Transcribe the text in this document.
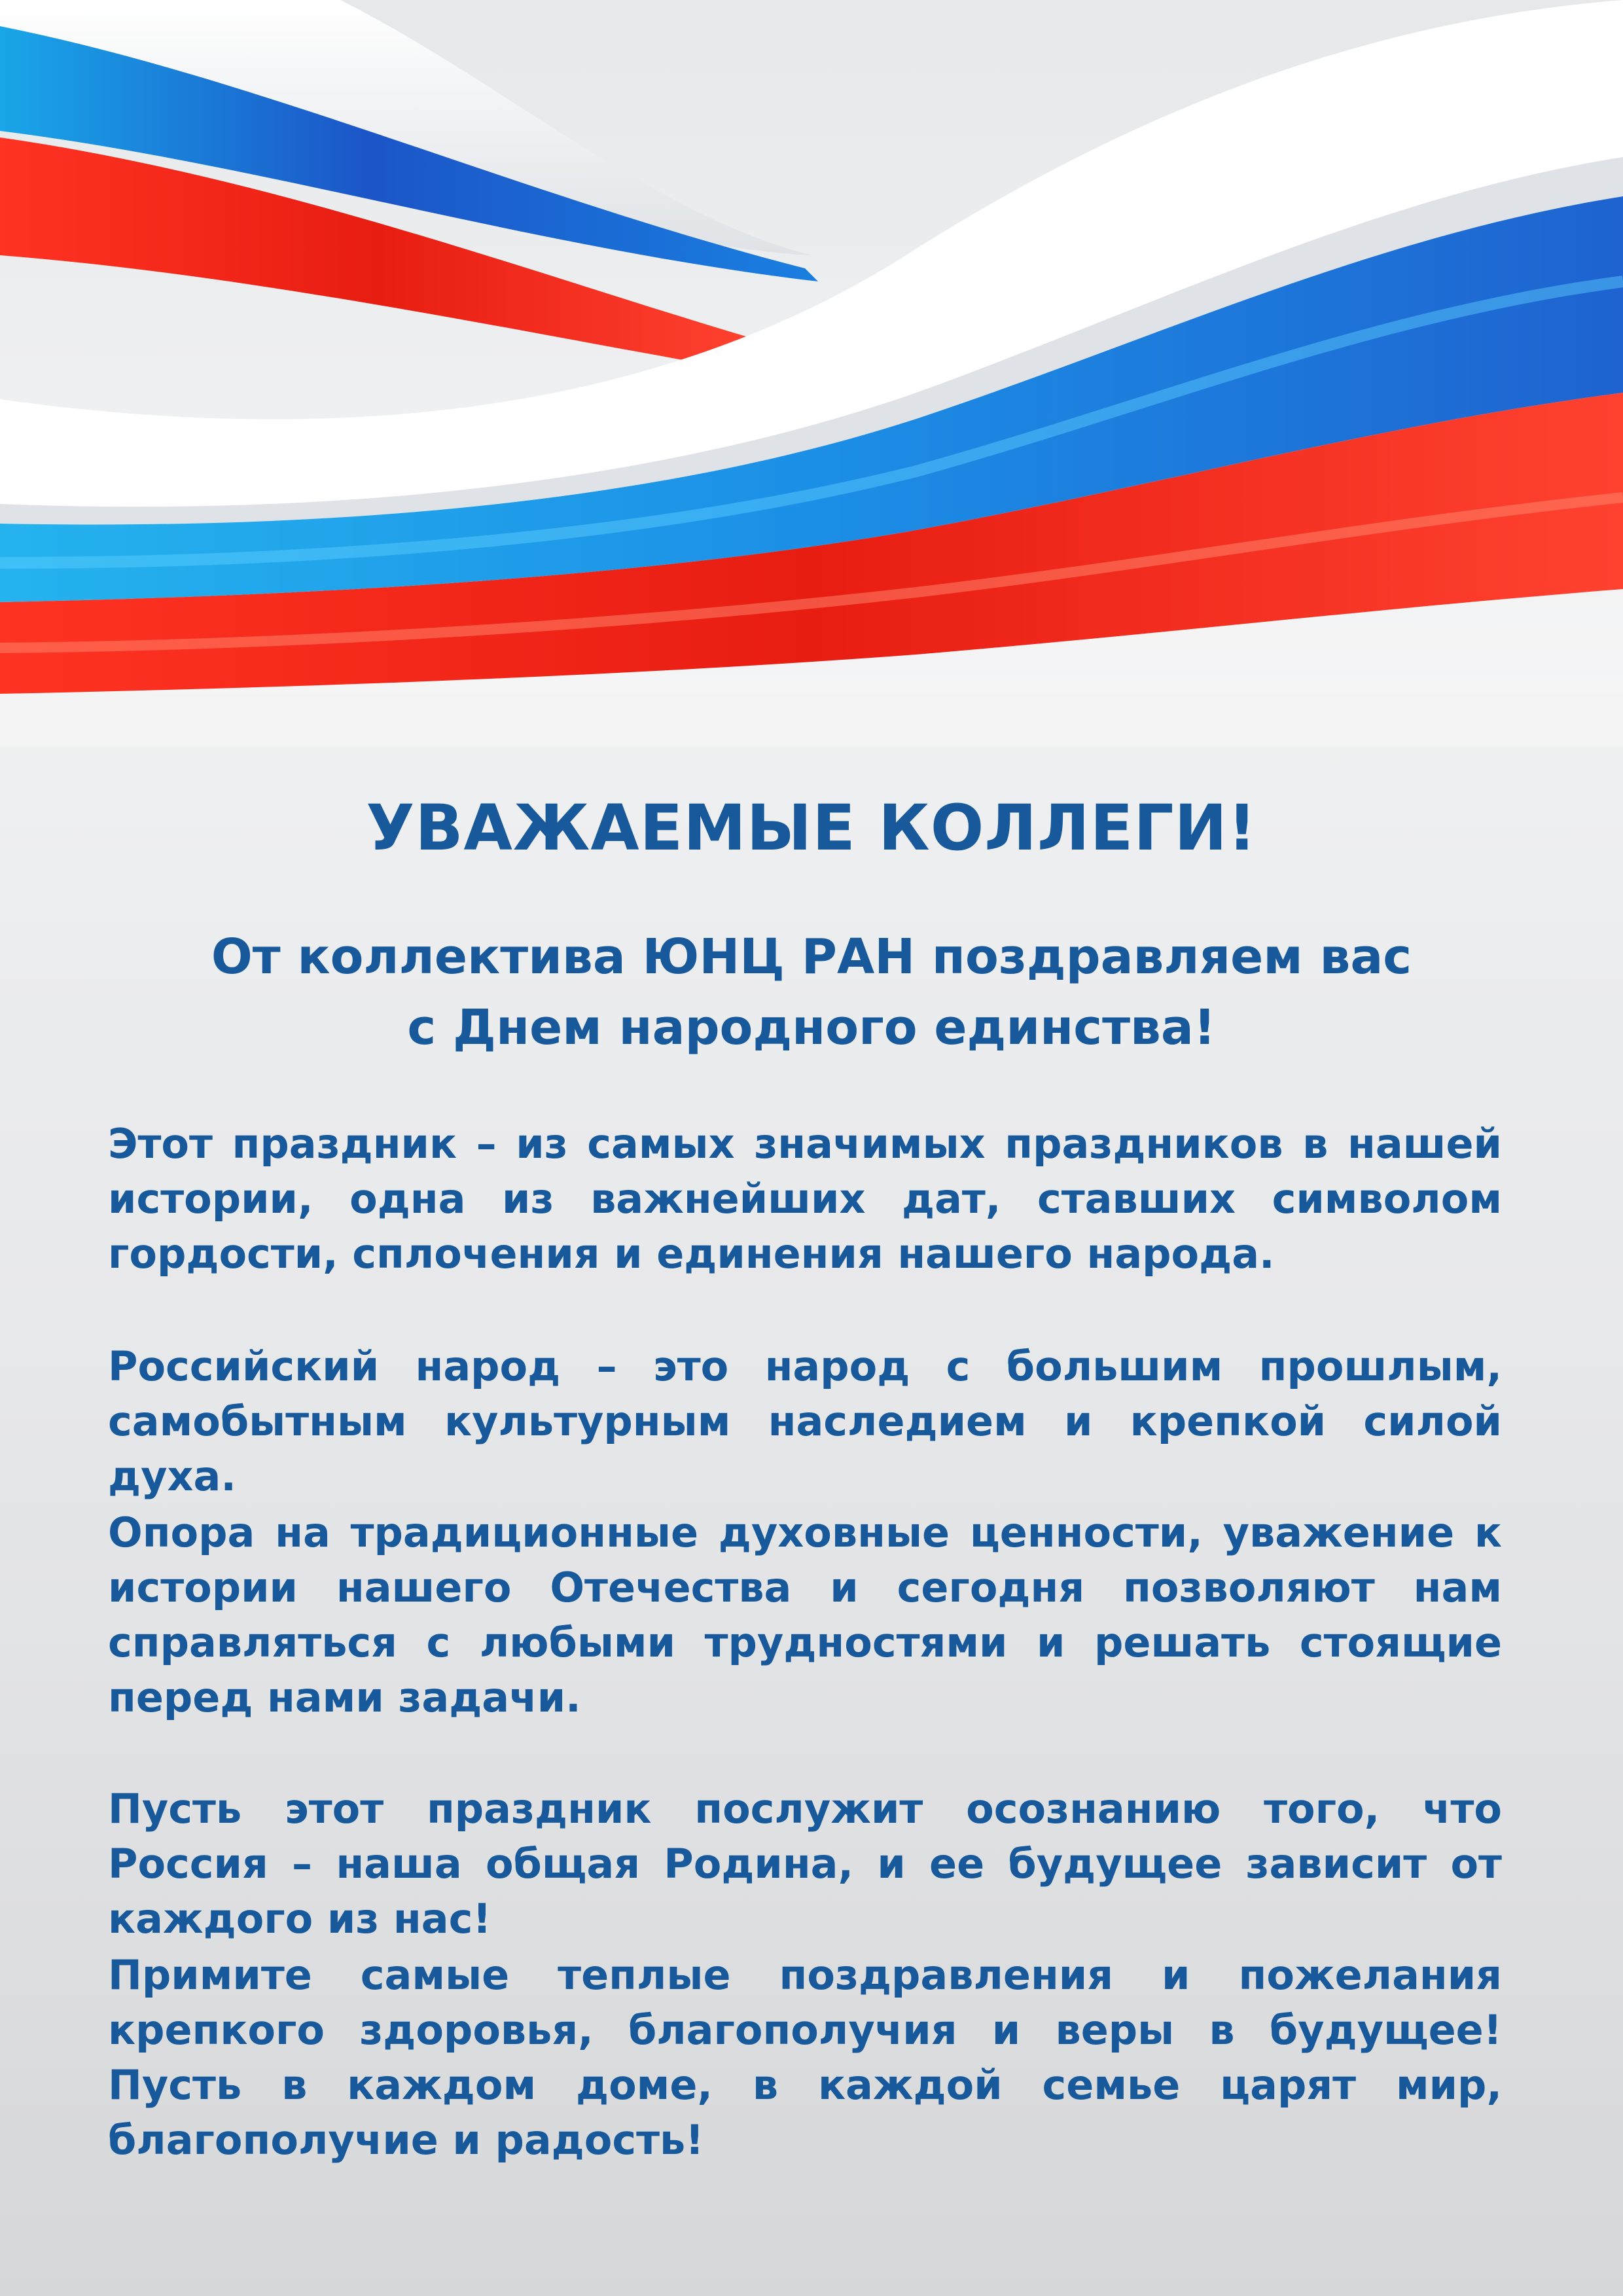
УВАЖАЕМЫЕ КОЛЛЕГИ!
От коллектива ЮНЦ РАН поздравляем вас
с Днем народного единства!
Этот праздник – из самых значимых праздников в нашей истории, одна из важнейших дат, ставших символом гордости, сплочения и единения нашего народа.
Российский народ – это народ с большим прошлым, самобытным культурным наследием и крепкой силой духа.
Опора на традиционные духовные ценности, уважение к истории нашего Отечества и сегодня позволяют нам справляться с любыми трудностями и решать стоящие перед нами задачи.
Пусть этот праздник послужит осознанию того, что Россия – наша общая Родина, и ее будущее зависит от каждого из нас!
Примите самые теплые поздравления и пожелания крепкого здоровья, благополучия и веры в будущее! Пусть в каждом доме, в каждой семье царят мир, благополучие и радость!
